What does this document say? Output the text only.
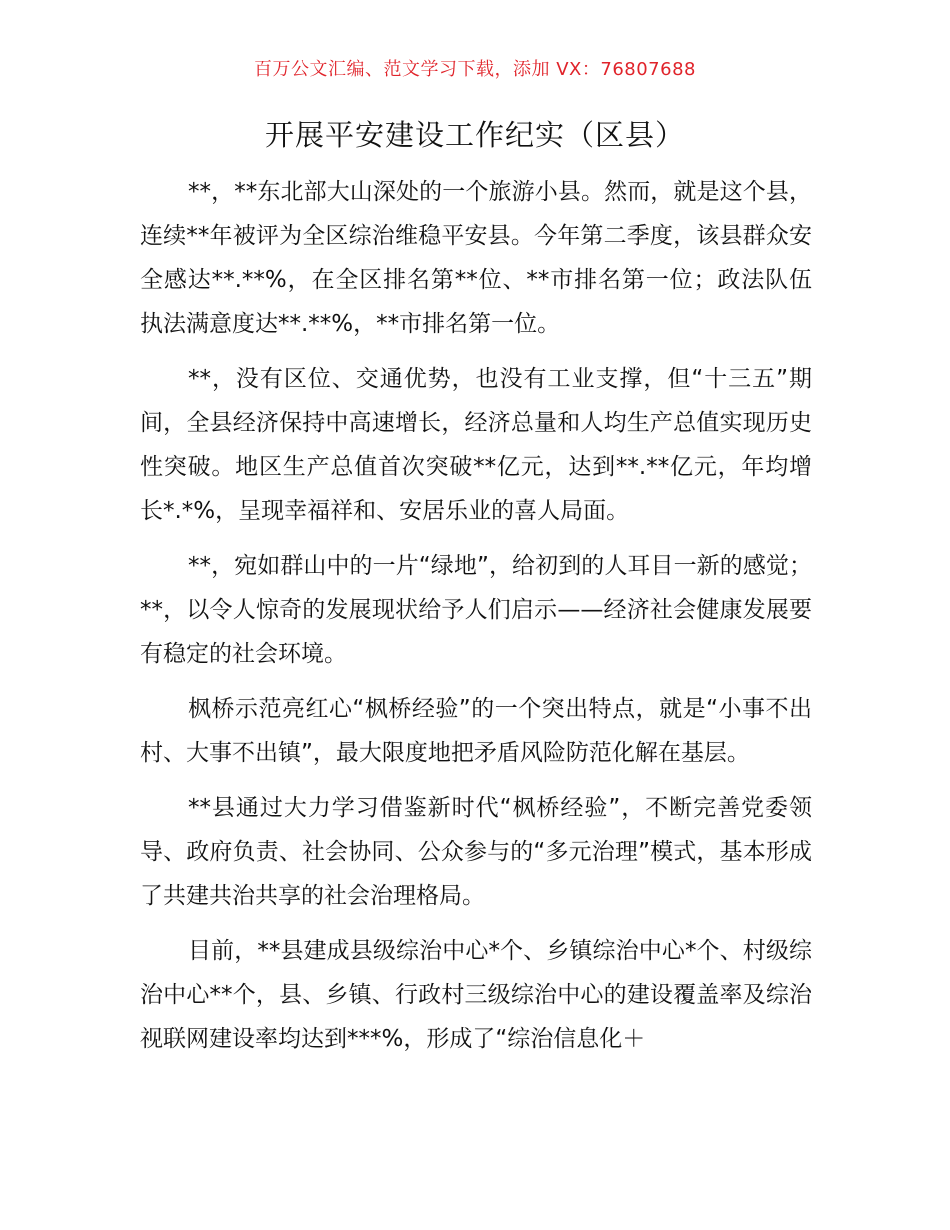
百万公文汇编、范文学习下载，添加 VX：76807688
开展平安建设工作纪实（区县）

**，**东北部大山深处的一个旅游小县。然而，就是这个县，连续**年被评为全区综治维稳平安县。今年第二季度，该县群众安全感达**.**%，在全区排名第**位、**市排名第一位；政法队伍执法满意度达**.**%，**市排名第一位。

**，没有区位、交通优势，也没有工业支撑，但“十三五”期间，全县经济保持中高速增长，经济总量和人均生产总值实现历史性突破。地区生产总值首次突破**亿元，达到**.**亿元，年均增长*.*%，呈现幸福祥和、安居乐业的喜人局面。

**，宛如群山中的一片“绿地”，给初到的人耳目一新的感觉；**，以令人惊奇的发展现状给予人们启示——经济社会健康发展要有稳定的社会环境。

枫桥示范亮红心“枫桥经验”的一个突出特点，就是“小事不出村、大事不出镇”，最大限度地把矛盾风险防范化解在基层。

**县通过大力学习借鉴新时代“枫桥经验”，不断完善党委领导、政府负责、社会协同、公众参与的“多元治理”模式，基本形成了共建共治共享的社会治理格局。

目前，**县建成县级综治中心*个、乡镇综治中心*个、村级综治中心**个，县、乡镇、行政村三级综治中心的建设覆盖率及综治视联网建设率均达到***%，形成了“综治信息化＋
